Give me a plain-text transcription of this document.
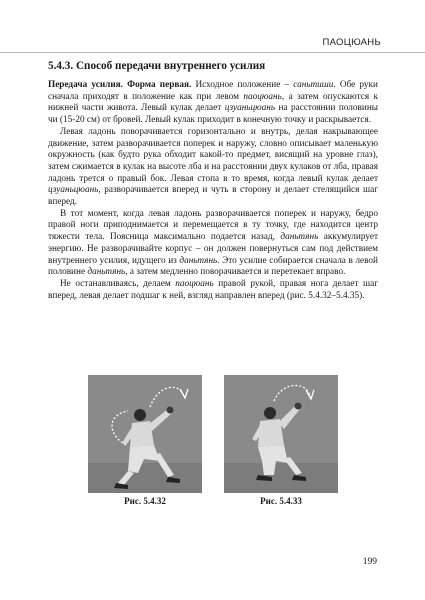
ПАОЦЮАНЬ
5.4.3. Способ передачи внутреннего усилия

Передача усилия. Форма первая. Исходное положение – саньтиши. Обе руки сначала приходят в положение как при левом паоцюань, а затем опускаются к нижней части живота. Левый кулак делает цзуаньцюань на расстоянии половины чи (15-20 см) от бровей. Левый кулак приходит в конечную точку и раскрывается.

Левая ладонь поворачивается горизонтально и внутрь, делая накрывающее движение, затем разворачивается поперек и наружу, словно описывает маленькую окружность (как будто рука обходит какой-то предмет, висящий на уровне глаз), затем сжимается в кулак на высоте лба и на расстоянии двух кулаков от лба, правая ладонь трется о правый бок. Левая стопа в то время, когда левый кулак делает цзуаньцюань, разворачивается вперед и чуть в сторону и делает стелящийся шаг вперед.

В тот момент, когда левая ладонь разворачивается поперек и наружу, бедро правой ноги приподнимается и перемещается в ту точку, где находится центр тяжести тела. Поясница максимально подается назад, даньтянь аккумулирует энергию. Не разворачивайте корпус – он должен повернуться сам под действием внутреннего усилия, идущего из даньтянь. Это усилие собирается сначала в левой половине даньтянь, а затем медленно поворачивается и перетекает вправо.

Не останавливаясь, делаем паоцюань правой рукой, правая нога делает шаг вперед, левая делает подшаг к ней, взгляд направлен вперед (рис. 5.4.32–5.4.35).

Рис. 5.4.32	Рис. 5.4.33
199
